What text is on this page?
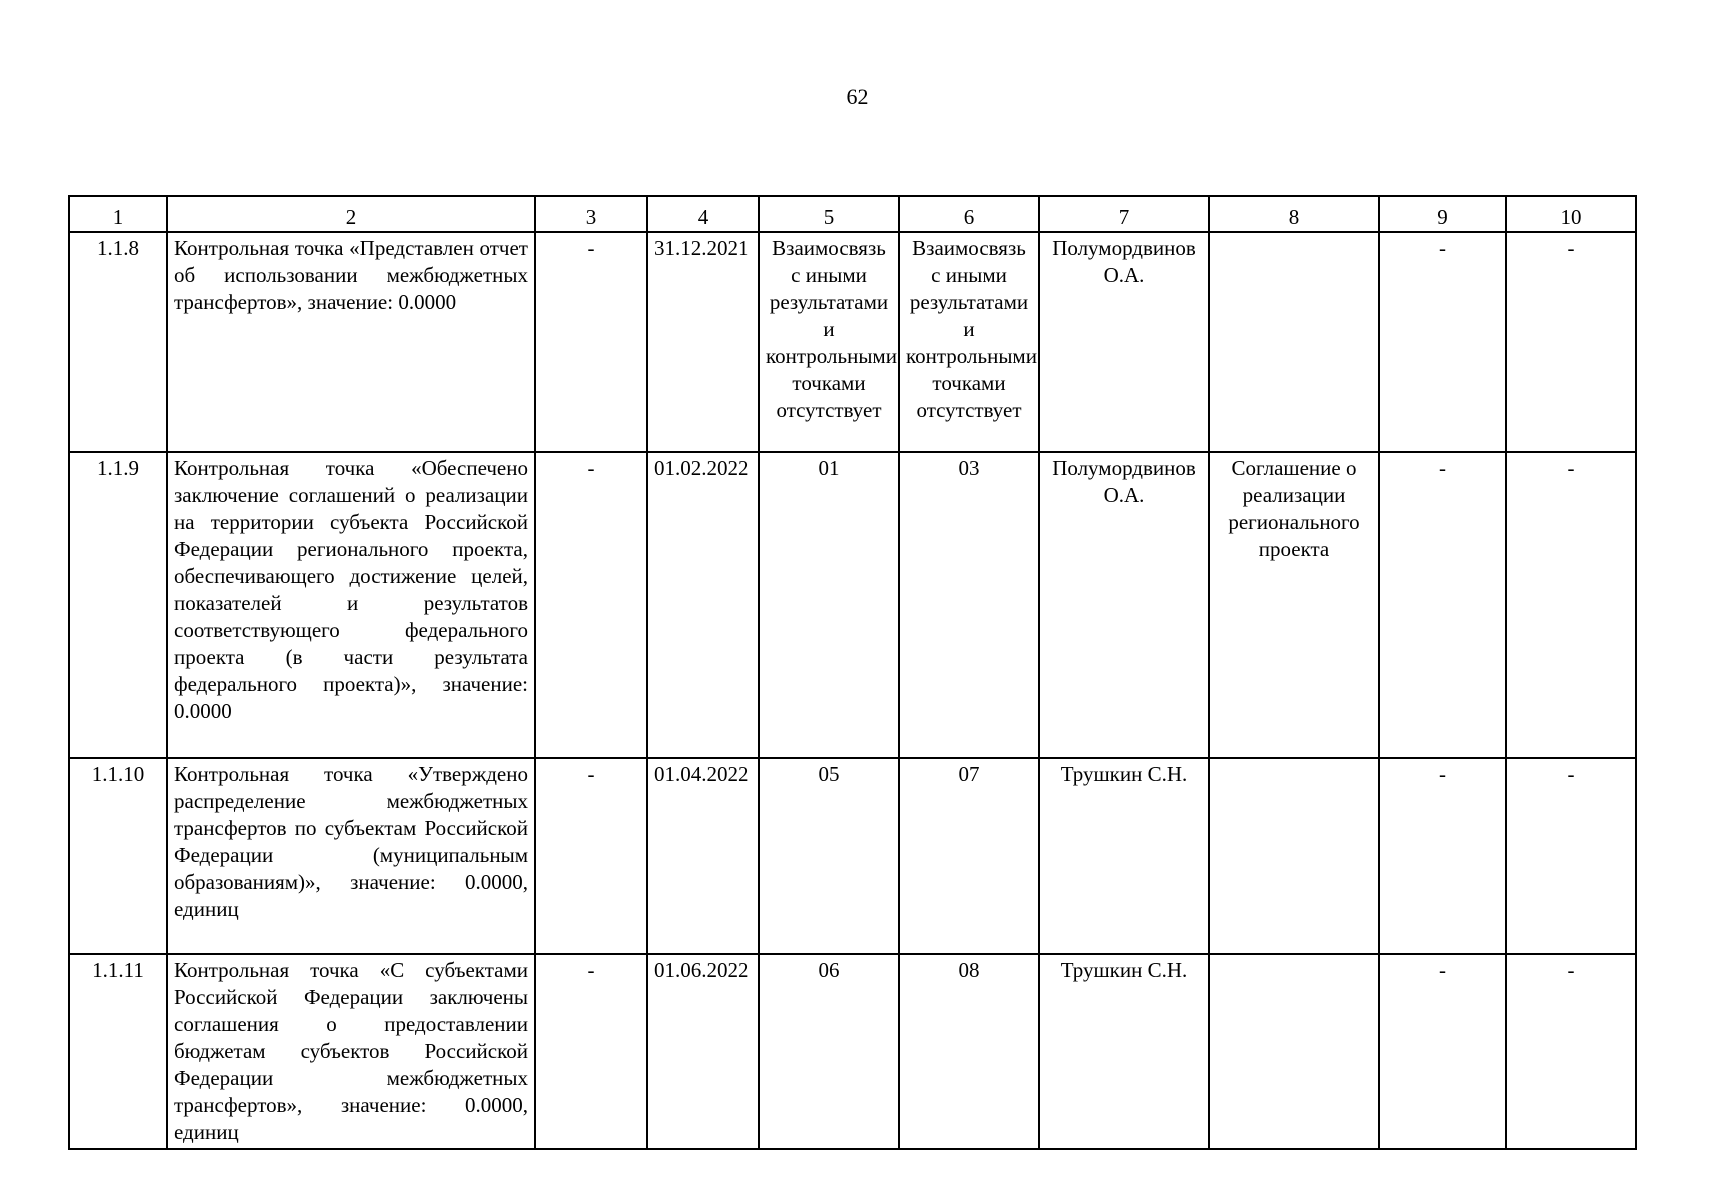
62
1	2	3	4	5	6	7	8	9	10
1.1.8	Контрольная точка «Представлен отчет об использовании межбюджетных трансфертов», значение: 0.0000	-	31.12.2021	Взаимосвязь с иными результатами и контрольными точками отсутствует	Взаимосвязь с иными результатами и контрольными точками отсутствует	Полумордвинов О.А.		-	-
1.1.9	Контрольная точка «Обеспечено заключение соглашений о реализации на территории субъекта Российской Федерации регионального проекта, обеспечивающего достижение целей, показателей и результатов соответствующего федерального проекта (в части результата федерального проекта)», значение: 0.0000	-	01.02.2022	01	03	Полумордвинов О.А.	Соглашение о реализации регионального проекта	-	-
1.1.10	Контрольная точка «Утверждено распределение межбюджетных трансфертов по субъектам Российской Федерации (муниципальным образованиям)», значение: 0.0000, единиц	-	01.04.2022	05	07	Трушкин С.Н.		-	-
1.1.11	Контрольная точка «С субъектами Российской Федерации заключены соглашения о предоставлении бюджетам субъектов Российской Федерации межбюджетных трансфертов», значение: 0.0000, единиц	-	01.06.2022	06	08	Трушкин С.Н.		-	-
